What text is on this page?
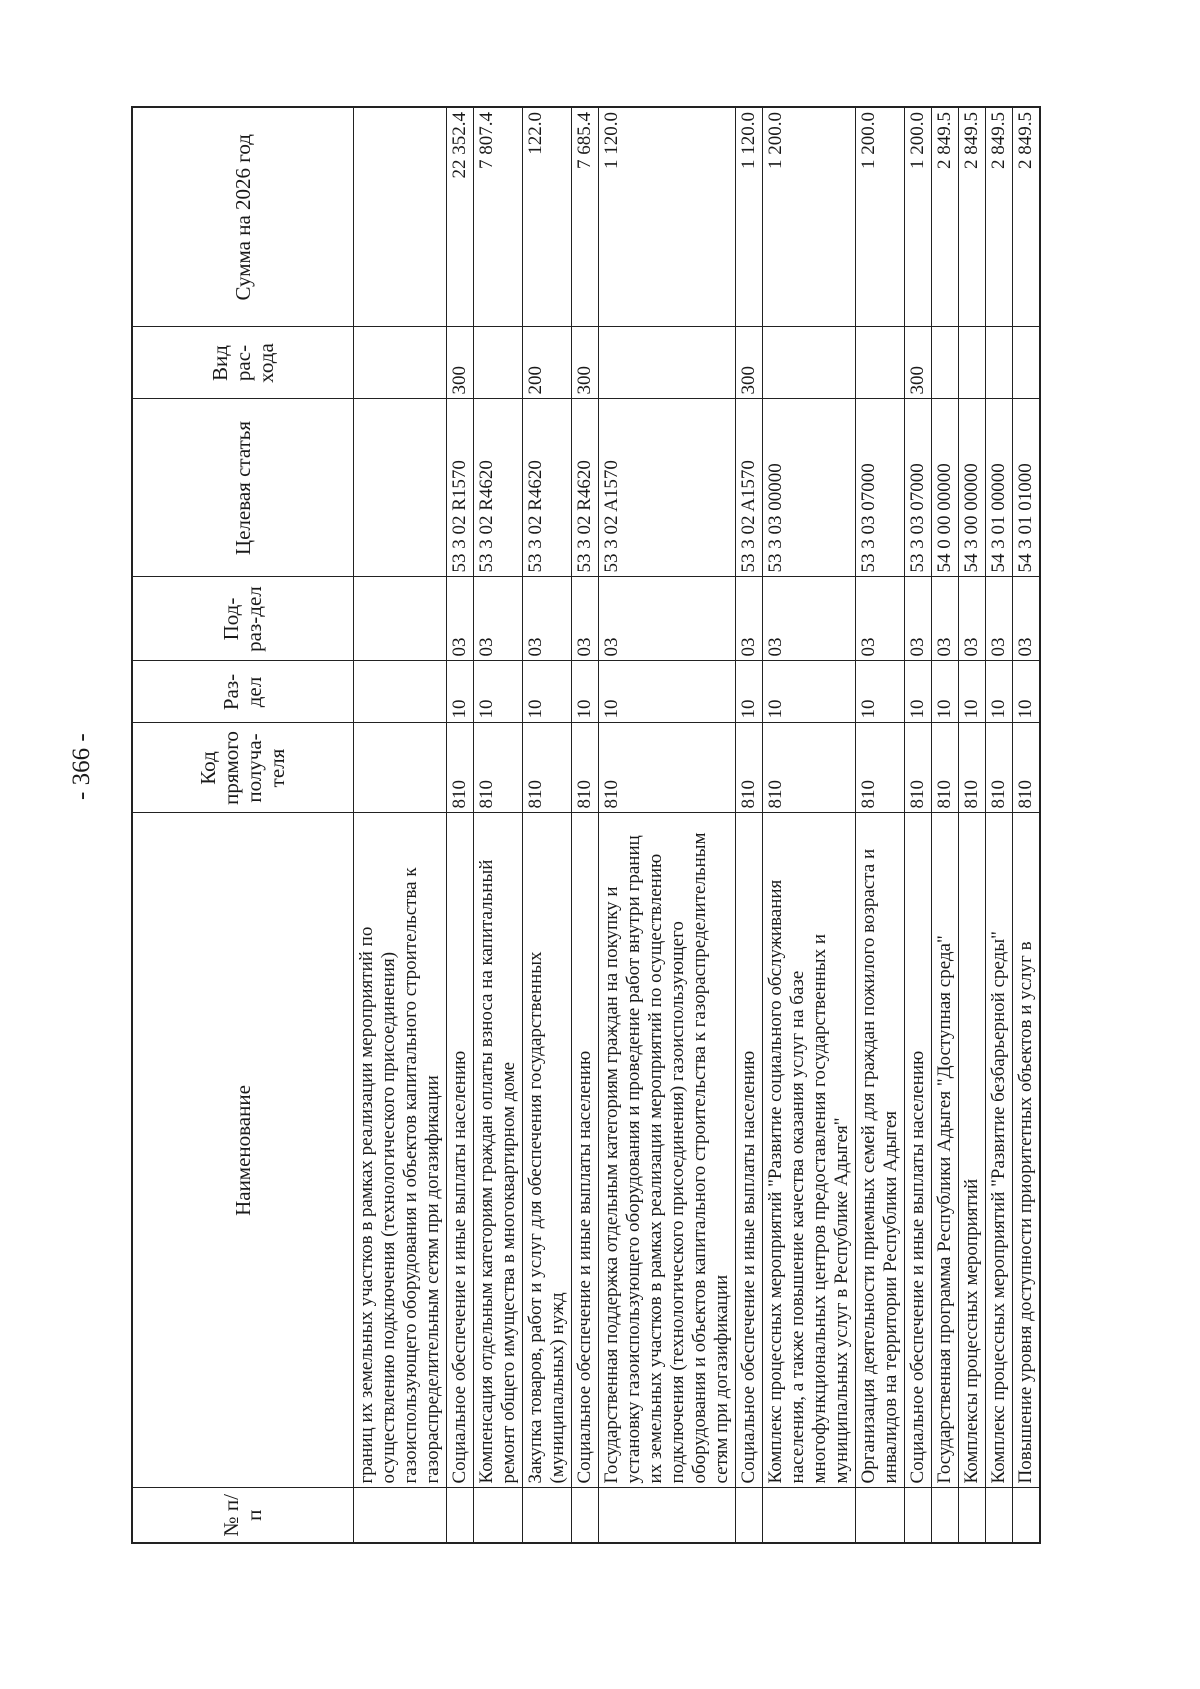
- 366 -
№ п/п	Наименование	Код прямого получа-теля	Раз-дел	Под-раз-дел	Целевая статья	Вид рас-хода	Сумма на 2026 год
	границ их земельных участков в рамках реализации мероприятий по осуществлению подключения (технологического присоединения) газоиспользующего оборудования и объектов капитального строительства к газораспределительным сетям при догазификации						
	Социальное обеспечение и иные выплаты населению	810	10	03	53 3 02 R1570	300	22 352.4
	Компенсация отдельным категориям граждан оплаты взноса на капитальный ремонт общего имущества в многоквартирном доме	810	10	03	53 3 02 R4620		7 807.4
	Закупка товаров, работ и услуг для обеспечения государственных (муниципальных) нужд	810	10	03	53 3 02 R4620	200	122.0
	Социальное обеспечение и иные выплаты населению	810	10	03	53 3 02 R4620	300	7 685.4
	Государственная поддержка отдельным категориям граждан на покупку и установку газоиспользующего оборудования и проведение работ внутри границ их земельных участков в рамках реализации мероприятий по осуществлению подключения (технологического присоединения) газоиспользующего оборудования и объектов капитального строительства к газораспределительным сетям при догазификации	810	10	03	53 3 02 A1570		1 120.0
	Социальное обеспечение и иные выплаты населению	810	10	03	53 3 02 A1570	300	1 120.0
	Комплекс процессных мероприятий "Развитие социального обслуживания населения, а также повышение качества оказания услуг на базе многофункциональных центров предоставления государственных и муниципальных услуг в Республике Адыгея"	810	10	03	53 3 03 00000		1 200.0
	Организация деятельности приемных семей для граждан пожилого возраста и инвалидов на территории Республики Адыгея	810	10	03	53 3 03 07000		1 200.0
	Социальное обеспечение и иные выплаты населению	810	10	03	53 3 03 07000	300	1 200.0
	Государственная программа Республики Адыгея "Доступная среда"	810	10	03	54 0 00 00000		2 849.5
	Комплексы процессных мероприятий	810	10	03	54 3 00 00000		2 849.5
	Комплекс процессных мероприятий "Развитие безбарьерной среды"	810	10	03	54 3 01 00000		2 849.5
	Повышение уровня доступности приоритетных объектов и услуг в	810	10	03	54 3 01 01000		2 849.5
